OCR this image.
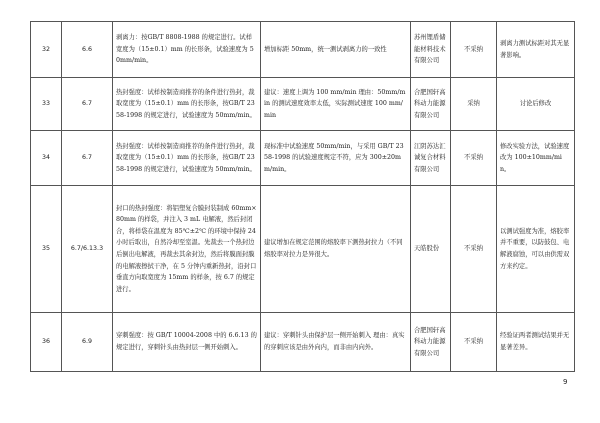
32	6.6	剥离力：按GB/T 8808-1988 的规定进行。试样宽度为（15±0.1）mm 的长形条，试验速度为 50mm/min。	增加标距 50mm，统一测试剥离力的一致性	苏州锂盾储能材料技术有限公司	不采纳	剥离力测试标距对其无显著影响。
33	6.7	热封强度：试样按制造商推荐的条件进行热封，裁取宽度为（15±0.1）mm 的长形条，按GB/T 2358-1998 的规定进行，试验速度为 50mm/min。	建议：速度上调为 100 mm/min 理由：50mm/min 的测试速度效率太低，实际测试速度 100 mm/min	合肥国轩高科动力能源有限公司	采纳	讨论后修改
34	6.7	热封强度：试样按制造商推荐的条件进行热封，裁取宽度为（15±0.1）mm 的长形条，按GB/T 2358-1998 的规定进行，试验速度为 50mm/min。	现标准中试验速度 50mm/min，与采用 GB/T 2358-1998 的试验速度规定不符，应为 300±20mm/min。	江阴苏达汇诚复合材料有限公司	不采纳	修改实验方法，试验速度改为 100±10mm/min。
35	6.7/6.13.3	封口的热封强度：将铝塑复合膜封装制成 60mm×80mm 的样袋，并注入 3 mL 电解液，然后封闭合，将样袋在温度为 85℃±2℃ 的环境中保持 24 小时后取出，自然冷却至室温。先裁去一个热封边后倒出电解液，再裁去其余封边，然后将膜面封膜的电解液擦拭干净，在 5 分钟内重新热封，沿封口垂直方向取宽度为 15mm 的样条，按 6.7 的规定进行。	建议增加在规定范围的熔胶率下测热封拉力（不同熔胶率对拉力是异很大。	天皓股份	不采纳	以测试强度为准，熔胶率并不重要，以防鼓包、电解液腐蚀，可以由供需双方来约定。
36	6.9	穿刺强度：按 GB/T 10004-2008 中的 6.6.13 的规定进行，穿刺针头由热封层一侧开始刺入。	建议：穿刺针头由保护层一侧开始刺入 理由：真实的穿刺应该是由外向内，而非由内向外。	合肥国轩高科动力能源有限公司	不采纳	经验证两者测试结果并无显著差异。
9
